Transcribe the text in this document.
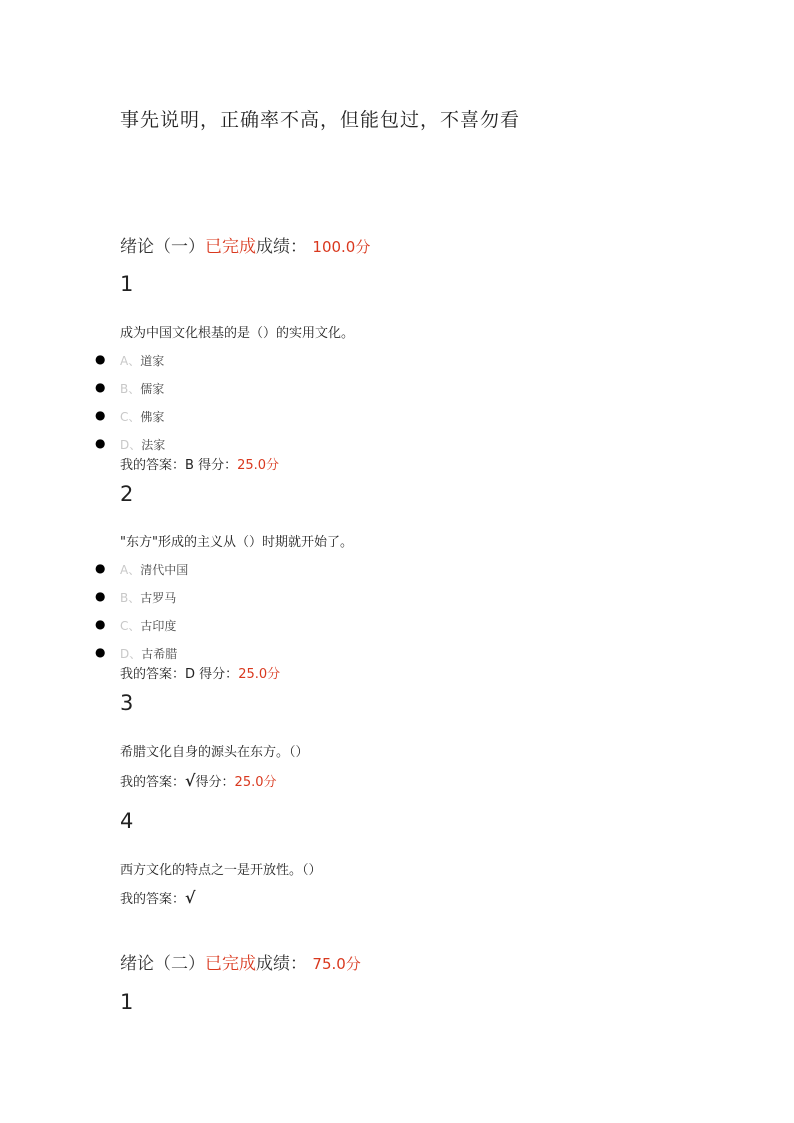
事先说明，正确率不高，但能包过，不喜勿看
绪论（一）已完成成绩： 100.0分
1
成为中国文化根基的是（）的实用文化。
● A、道家
● B、儒家
● C、佛家
● D、法家
我的答案：B 得分：25.0分
2
"东方"形成的主义从（）时期就开始了。
● A、清代中国
● B、古罗马
● C、古印度
● D、古希腊
我的答案：D 得分：25.0分
3
希腊文化自身的源头在东方。（）
我的答案：√得分：25.0分
4
西方文化的特点之一是开放性。（）
我的答案：√
绪论（二）已完成成绩： 75.0分
1
